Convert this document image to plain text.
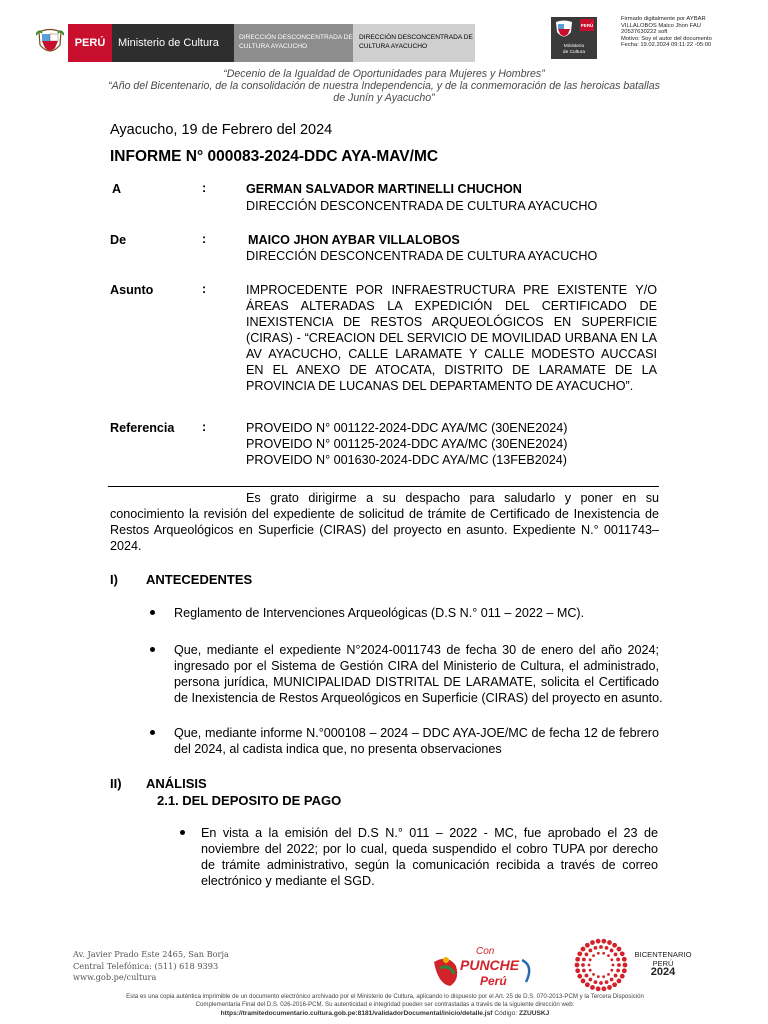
PERÚ	Ministerio de Cultura	DIRECCIÓN DESCONCENTRADA DE
CULTURA AYACUCHO
DIRECCIÓN DESCONCENTRADA DE
CULTURA AYACUCHO
PERÚ
Ministerio
de Cultura
Firmado digitalmente por AYBAR
VILLALOBOS Maico Jhon FAU
20537630222 soft
Motivo: Soy el autor del documento
Fecha: 19.02.2024 09:11:22 -05:00
“Decenio de la Igualdad de Oportunidades para Mujeres y Hombres”
“Año del Bicentenario, de la consolidación de nuestra Independencia, y de la conmemoración de las heroicas batallas
de Junín y Ayacucho”
Ayacucho, 19 de Febrero del 2024
INFORME N° 000083-2024-DDC AYA-MAV/MC
A	:	GERMAN SALVADOR MARTINELLI CHUCHON
DIRECCIÓN DESCONCENTRADA DE CULTURA AYACUCHO
De	:	MAICO JHON AYBAR VILLALOBOS
DIRECCIÓN DESCONCENTRADA DE CULTURA AYACUCHO
Asunto	:	IMPROCEDENTE POR INFRAESTRUCTURA PRE EXISTENTE Y/O
ÁREAS ALTERADAS LA EXPEDICIÓN DEL CERTIFICADO DE
INEXISTENCIA DE RESTOS ARQUEOLÓGICOS EN SUPERFICIE
(CIRAS) - “CREACION DEL SERVICIO DE MOVILIDAD URBANA EN LA
AV AYACUCHO, CALLE LARAMATE Y CALLE MODESTO AUCCASI
EN EL ANEXO DE ATOCATA, DISTRITO DE LARAMATE DE LA
PROVINCIA DE LUCANAS DEL DEPARTAMENTO DE AYACUCHO”.
Referencia :	PROVEIDO N° 001122-2024-DDC AYA/MC (30ENE2024)
PROVEIDO N° 001125-2024-DDC AYA/MC (30ENE2024)
PROVEIDO N° 001630-2024-DDC AYA/MC (13FEB2024)
Es grato dirigirme a su despacho para saludarlo y poner en su
conocimiento la revisión del expediente de solicitud de trámite de Certificado de Inexistencia de
Restos Arqueológicos en Superficie (CIRAS) del proyecto en asunto. Expediente N.° 0011743–
2024.
I) ANTECEDENTES
Reglamento de Intervenciones Arqueológicas (D.S N.° 011 – 2022 – MC).
Que, mediante el expediente N°2024-0011743 de fecha 30 de enero del año 2024;
ingresado por el Sistema de Gestión CIRA del Ministerio de Cultura, el administrado,
persona jurídica, MUNICIPALIDAD DISTRITAL DE LARAMATE, solicita el Certificado
de Inexistencia de Restos Arqueológicos en Superficie (CIRAS) del proyecto en asunto.
Que, mediante informe N.°000108 – 2024 – DDC AYA-JOE/MC de fecha 12 de febrero
del 2024, al cadista indica que, no presenta observaciones
II) ANÁLISIS
2.1. DEL DEPOSITO DE PAGO
En vista a la emisión del D.S N.° 011 – 2022 - MC, fue aprobado el 23 de
noviembre del 2022; por lo cual, queda suspendido el cobro TUPA por derecho
de trámite administrativo, según la comunicación recibida a través de correo
electrónico y mediante el SGD.
Av. Javier Prado Este 2465, San Borja
Central Telefónica: (511) 618 9393
www.gob.pe/cultura
Con
PUNCHE
Perú
BICENTENARIO
PERÚ
2024
Esta es una copia auténtica imprimible de un documento electrónico archivado por el Ministerio de Cultura, aplicando lo dispuesto por el Art. 25 de D.S. 070-2013-PCM y la Tercera Disposición
Complementaria Final del D.S. 026-2016-PCM. Su autenticidad e integridad pueden ser contrastadas a través de la siguiente dirección web:
https://tramitedocumentario.cultura.gob.pe:8181/validadorDocumental/inicio/detalle.jsf Código: ZZUUSKJ
